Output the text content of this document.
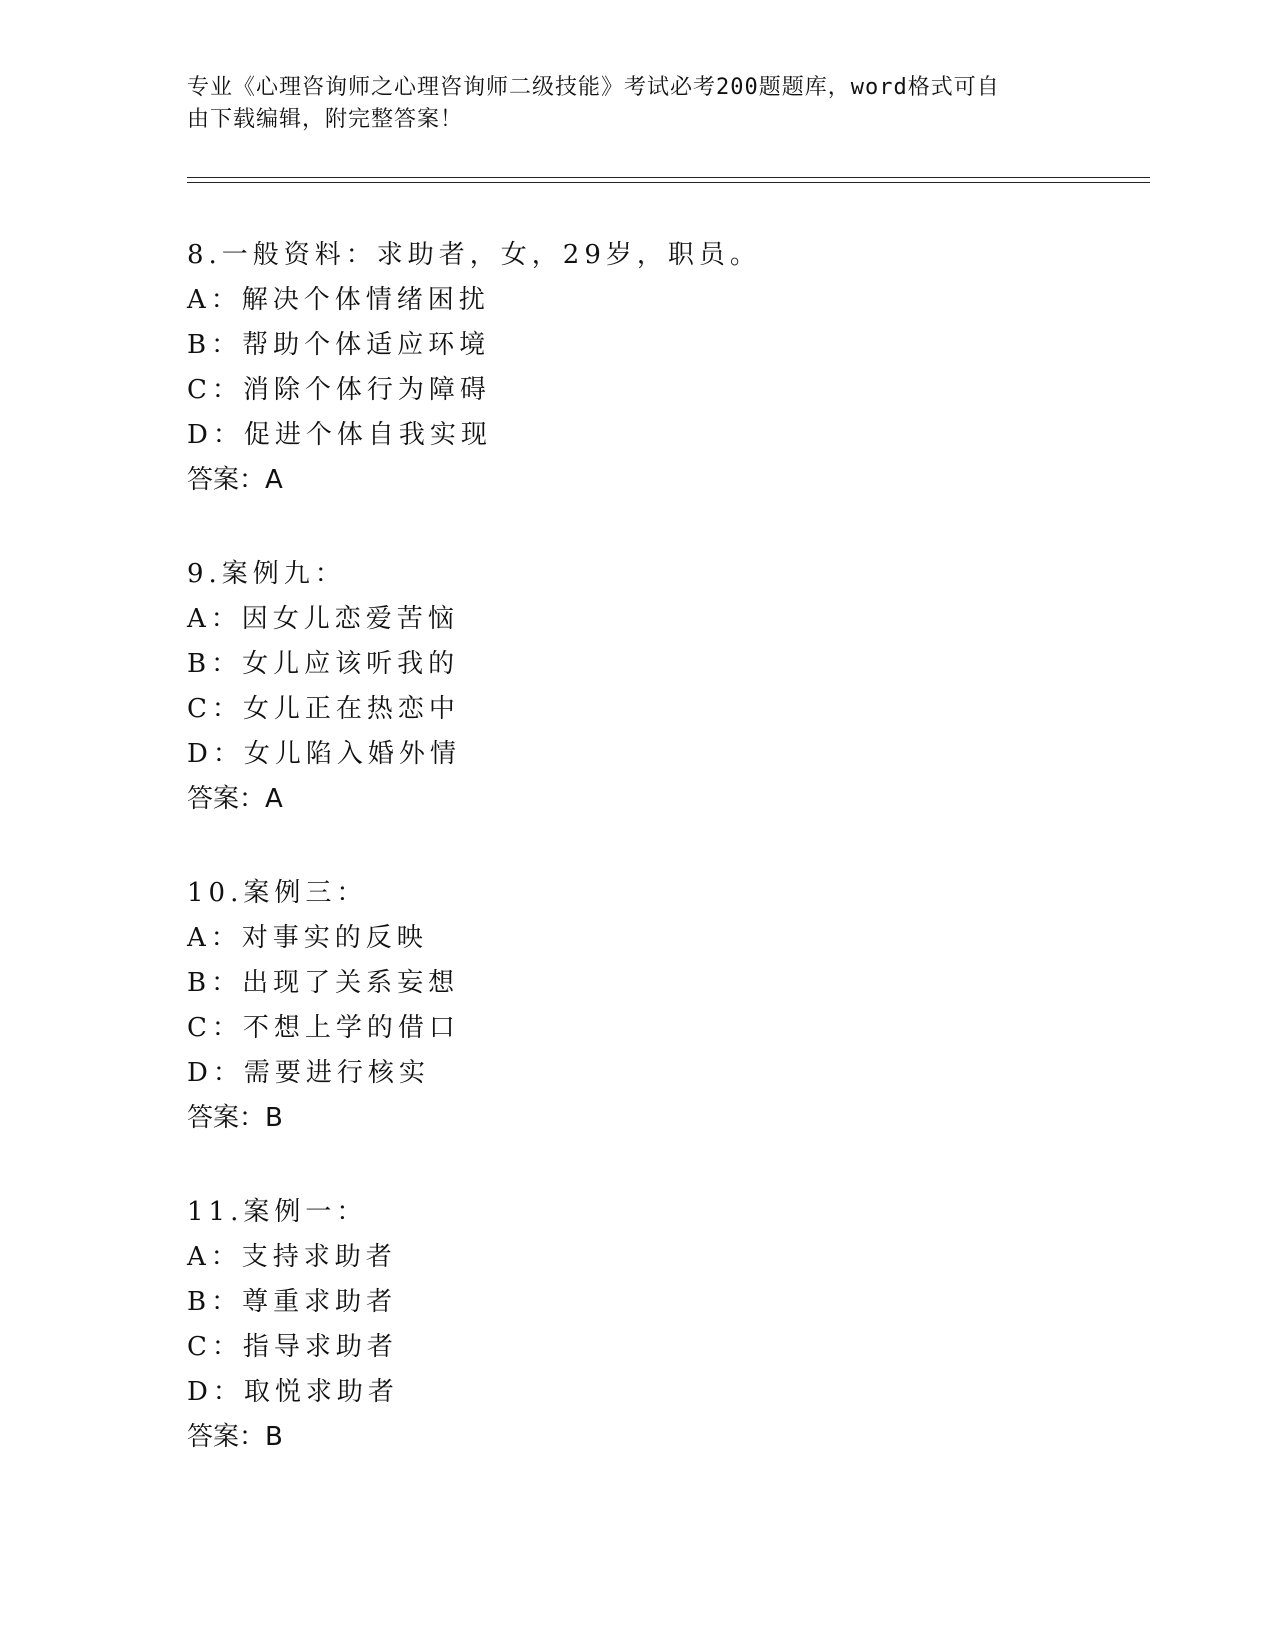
专业《心理咨询师之心理咨询师二级技能》考试必考200题题库，word格式可自
由下载编辑，附完整答案！
8.一般资料：求助者，女，29岁，职员。
A：解决个体情绪困扰
B：帮助个体适应环境
C：消除个体行为障碍
D：促进个体自我实现
答案：A
9.案例九：
A：因女儿恋爱苦恼
B：女儿应该听我的
C：女儿正在热恋中
D：女儿陷入婚外情
答案：A
10.案例三：
A：对事实的反映
B：出现了关系妄想
C：不想上学的借口
D：需要进行核实
答案：B
11.案例一：
A：支持求助者
B：尊重求助者
C：指导求助者
D：取悦求助者
答案：B
